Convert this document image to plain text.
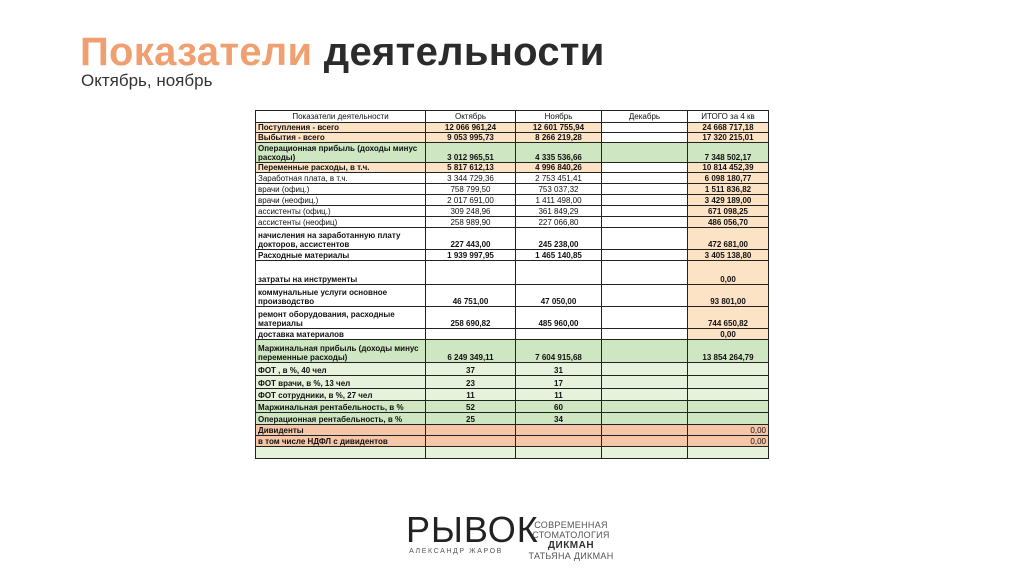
Показатели деятельности
Октябрь, ноябрь
Показатели деятельности	Октябрь	Ноябрь	Декабрь	ИТОГО за 4 кв
Поступления - всего	12 066 961,24	12 601 755,94		24 668 717,18
Выбытия - всего	9 053 995,73	8 266 219,28		17 320 215,01
Операционная прибыль (доходы минус расходы)	3 012 965,51	4 335 536,66		7 348 502,17
Переменные расходы, в т.ч.	5 817 612,13	4 996 840,26		10 814 452,39
Заработная плата, в т.ч.	3 344 729,36	2 753 451,41		6 098 180,77
врачи (офиц.)	758 799,50	753 037,32		1 511 836,82
врачи (неофиц.)	2 017 691,00	1 411 498,00		3 429 189,00
ассистенты (офиц.)	309 248,96	361 849,29		671 098,25
ассистенты (неофиц)	258 989,90	227 066,80		486 056,70
начисления на заработанную плату докторов, ассистентов	227 443,00	245 238,00		472 681,00
Расходные материалы	1 939 997,95	1 465 140,85		3 405 138,80
затраты на инструменты				0,00
коммунальные услуги основное производство	46 751,00	47 050,00		93 801,00
ремонт оборудования, расходные материалы	258 690,82	485 960,00		744 650,82
доставка материалов				0,00
Маржинальная прибыль (доходы минус переменные расходы)	6 249 349,11	7 604 915,68		13 854 264,79
ФОТ , в %, 40 чел	37	31		
ФОТ врачи, в %, 13 чел	23	17		
ФОТ сотрудники, в %, 27 чел	11	11		
Маржинальная рентабельность, в %	52	60		
Операционная рентабельность, в %	25	34		
Дивиденты				0,00
в том числе НДФЛ с дивидентов				0,00

РЫВОК
АЛЕКСАНДР ЖАРОВ
СОВРЕМЕННАЯ
СТОМАТОЛОГИЯ
ДИКМАН
ТАТЬЯНА ДИКМАН
